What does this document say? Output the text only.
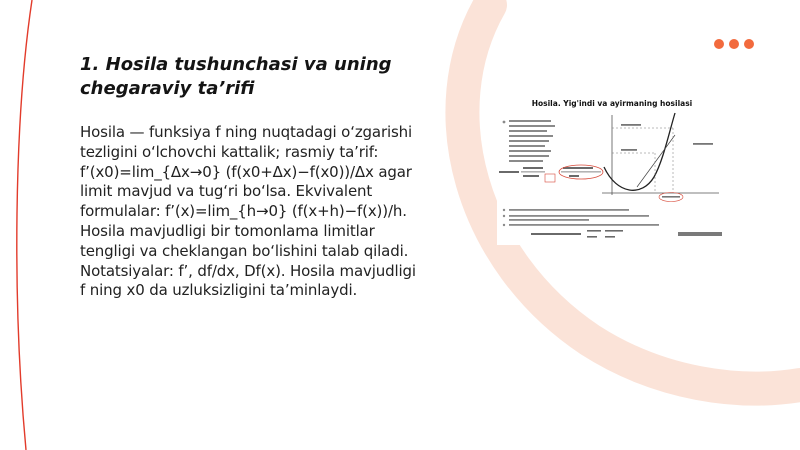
1. Hosila tushunchasi va uning chegaraviy ta’rifi

Hosila — funksiya f ning nuqtadagi o‘zgarishi tezligini o‘lchovchi kattalik; rasmiy ta’rif: f’(x0)=lim_{Δx→0} (f(x0+Δx)−f(x0))/Δx agar limit mavjud va tug‘ri bo‘lsa. Ekvivalent formulalar: f’(x)=lim_{h→0} (f(x+h)−f(x))/h. Hosila mavjudligi bir tomonlama limitlar tengligi va cheklangan bo‘lishini talab qiladi. Notatsiyalar: f’, df/dx, Df(x). Hosila mavjudligi f ning x0 da uzluksizligini ta’minlaydi.

Hosila. Yig'indi va ayirmaning hosilasi
